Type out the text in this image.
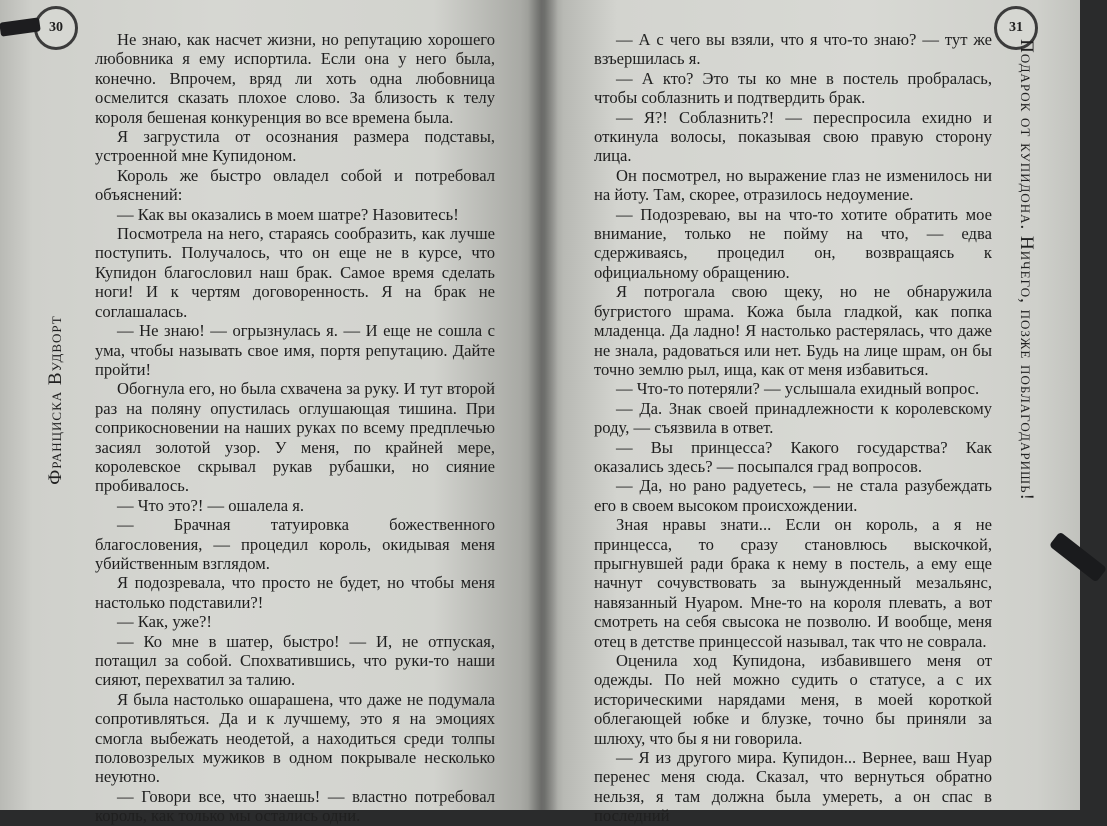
30
Франциска Вудворт

Не знаю, как насчет жизни, но репутацию хорошего любовника я ему испортила. Если она у него была, конечно. Впрочем, вряд ли хоть одна любовница осмелится сказать плохое слово. За близость к телу короля бешеная конкуренция во все времена была.

Я загрустила от осознания размера подставы, устроенной мне Купидоном.

Король же быстро овладел собой и потребовал объяснений:

— Как вы оказались в моем шатре? Назовитесь!

Посмотрела на него, стараясь сообразить, как лучше поступить. Получалось, что он еще не в курсе, что Купидон благословил наш брак. Самое время сделать ноги! И к чертям договоренность. Я на брак не соглашалась.

— Не знаю! — огрызнулась я. — И еще не сошла с ума, чтобы называть свое имя, портя репутацию. Дайте пройти!

Обогнула его, но была схвачена за руку. И тут второй раз на поляну опустилась оглушающая тишина. При соприкосновении на наших руках по всему предплечью засиял золотой узор. У меня, по крайней мере, королевское скрывал рукав рубашки, но сияние пробивалось.

— Что это?! — ошалела я.

— Брачная татуировка божественного благословения, — процедил король, окидывая меня убийственным взглядом.

Я подозревала, что просто не будет, но чтобы меня настолько подставили?!

— Как, уже?!

— Ко мне в шатер, быстро! — И, не отпуская, потащил за собой. Спохватившись, что руки-то наши сияют, перехватил за талию.

Я была настолько ошарашена, что даже не подумала сопротивляться. Да и к лучшему, это я на эмоциях смогла выбежать неодетой, а находиться среди толпы половозрелых мужиков в одном покрывале несколько неуютно.

— Говори все, что знаешь! — властно потребовал король, как только мы остались одни.

31
Подарок от купидона. Ничего, позже поблагодаришь!

— А с чего вы взяли, что я что-то знаю? — тут же взъершилась я.

— А кто? Это ты ко мне в постель пробралась, чтобы соблазнить и подтвердить брак.

— Я?! Соблазнить?! — переспросила ехидно и откинула волосы, показывая свою правую сторону лица.

Он посмотрел, но выражение глаз не изменилось ни на йоту. Там, скорее, отразилось недоумение.

— Подозреваю, вы на что-то хотите обратить мое внимание, только не пойму на что, — едва сдерживаясь, процедил он, возвращаясь к официальному обращению.

Я потрогала свою щеку, но не обнаружила бугристого шрама. Кожа была гладкой, как попка младенца. Да ладно! Я настолько растерялась, что даже не знала, радоваться или нет. Будь на лице шрам, он бы точно землю рыл, ища, как от меня избавиться.

— Что-то потеряли? — услышала ехидный вопрос.

— Да. Знак своей принадлежности к королевскому роду, — съязвила в ответ.

— Вы принцесса? Какого государства? Как оказались здесь? — посыпался град вопросов.

— Да, но рано радуетесь, — не стала разубеждать его в своем высоком происхождении.

Зная нравы знати... Если он король, а я не принцесса, то сразу становлюсь выскочкой, прыгнувшей ради брака к нему в постель, а ему еще начнут сочувствовать за вынужденный мезальянс, навязанный Нуаром. Мне-то на короля плевать, а вот смотреть на себя свысока не позволю. И вообще, меня отец в детстве принцессой называл, так что не соврала.

Оценила ход Купидона, избавившего меня от одежды. По ней можно судить о статусе, а с их историческими нарядами меня, в моей короткой облегающей юбке и блузке, точно бы приняли за шлюху, что бы я ни говорила.

— Я из другого мира. Купидон... Вернее, ваш Нуар перенес меня сюда. Сказал, что вернуться обратно нельзя, я там должна была умереть, а он спас в последний
